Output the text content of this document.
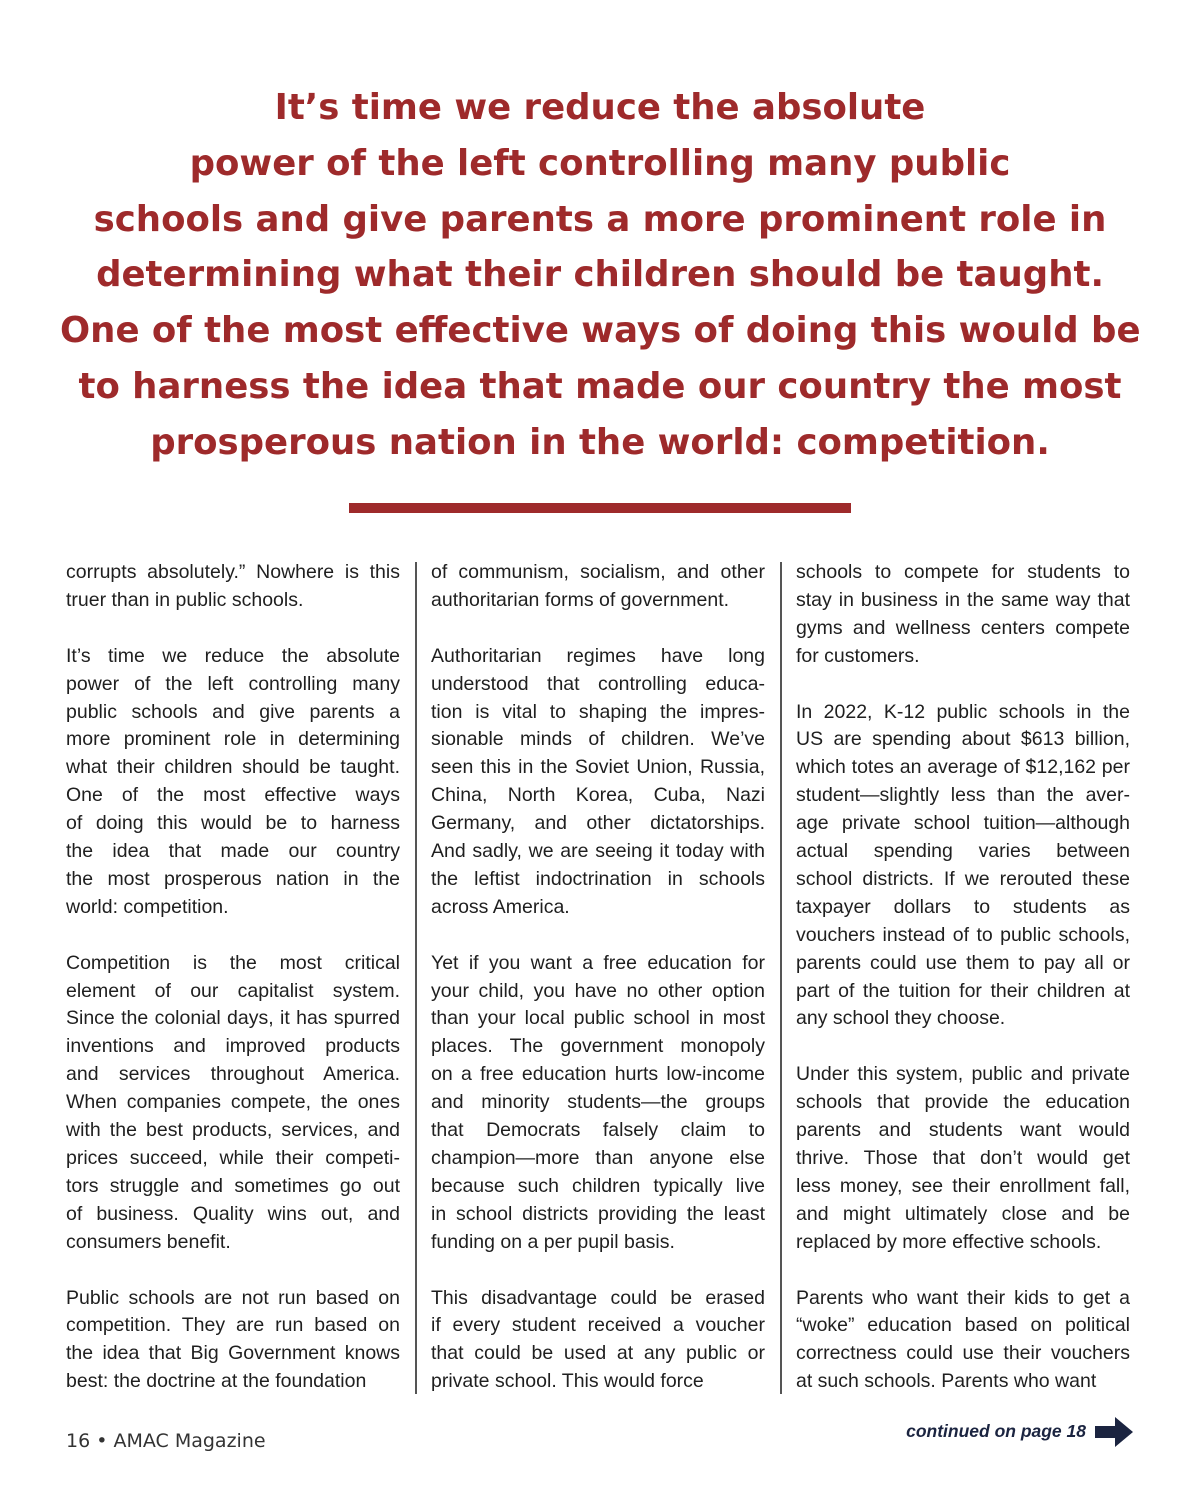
It’s time we reduce the absolute
power of the left controlling many public
schools and give parents a more prominent role in
determining what their children should be taught.
One of the most effective ways of doing this would be
to harness the idea that made our country the most
prosperous nation in the world: competition.

corrupts absolutely.” Nowhere is this
truer than in public schools.

It’s time we reduce the absolute
power of the left controlling many
public schools and give parents a
more prominent role in determining
what their children should be taught.
One of the most effective ways
of doing this would be to harness
the idea that made our country
the most prosperous nation in the
world: competition.

Competition is the most critical
element of our capitalist system.
Since the colonial days, it has spurred
inventions and improved products
and services throughout America.
When companies compete, the ones
with the best products, services, and
prices succeed, while their competi-
tors struggle and sometimes go out
of business. Quality wins out, and
consumers benefit.

Public schools are not run based on
competition. They are run based on
the idea that Big Government knows
best: the doctrine at the foundation

of communism, socialism, and other
authoritarian forms of government.

Authoritarian regimes have long
understood that controlling educa-
tion is vital to shaping the impres-
sionable minds of children. We’ve
seen this in the Soviet Union, Russia,
China, North Korea, Cuba, Nazi
Germany, and other dictatorships.
And sadly, we are seeing it today with
the leftist indoctrination in schools
across America.

Yet if you want a free education for
your child, you have no other option
than your local public school in most
places. The government monopoly
on a free education hurts low-income
and minority students—the groups
that Democrats falsely claim to
champion—more than anyone else
because such children typically live
in school districts providing the least
funding on a per pupil basis.

This disadvantage could be erased
if every student received a voucher
that could be used at any public or
private school. This would force

schools to compete for students to
stay in business in the same way that
gyms and wellness centers compete
for customers.

In 2022, K-12 public schools in the
US are spending about $613 billion,
which totes an average of $12,162 per
student—slightly less than the aver-
age private school tuition—although
actual spending varies between
school districts. If we rerouted these
taxpayer dollars to students as
vouchers instead of to public schools,
parents could use them to pay all or
part of the tuition for their children at
any school they choose.

Under this system, public and private
schools that provide the education
parents and students want would
thrive. Those that don’t would get
less money, see their enrollment fall,
and might ultimately close and be
replaced by more effective schools.

Parents who want their kids to get a
“woke” education based on political
correctness could use their vouchers
at such schools. Parents who want

16 • AMAC Magazine	continued on page 18
